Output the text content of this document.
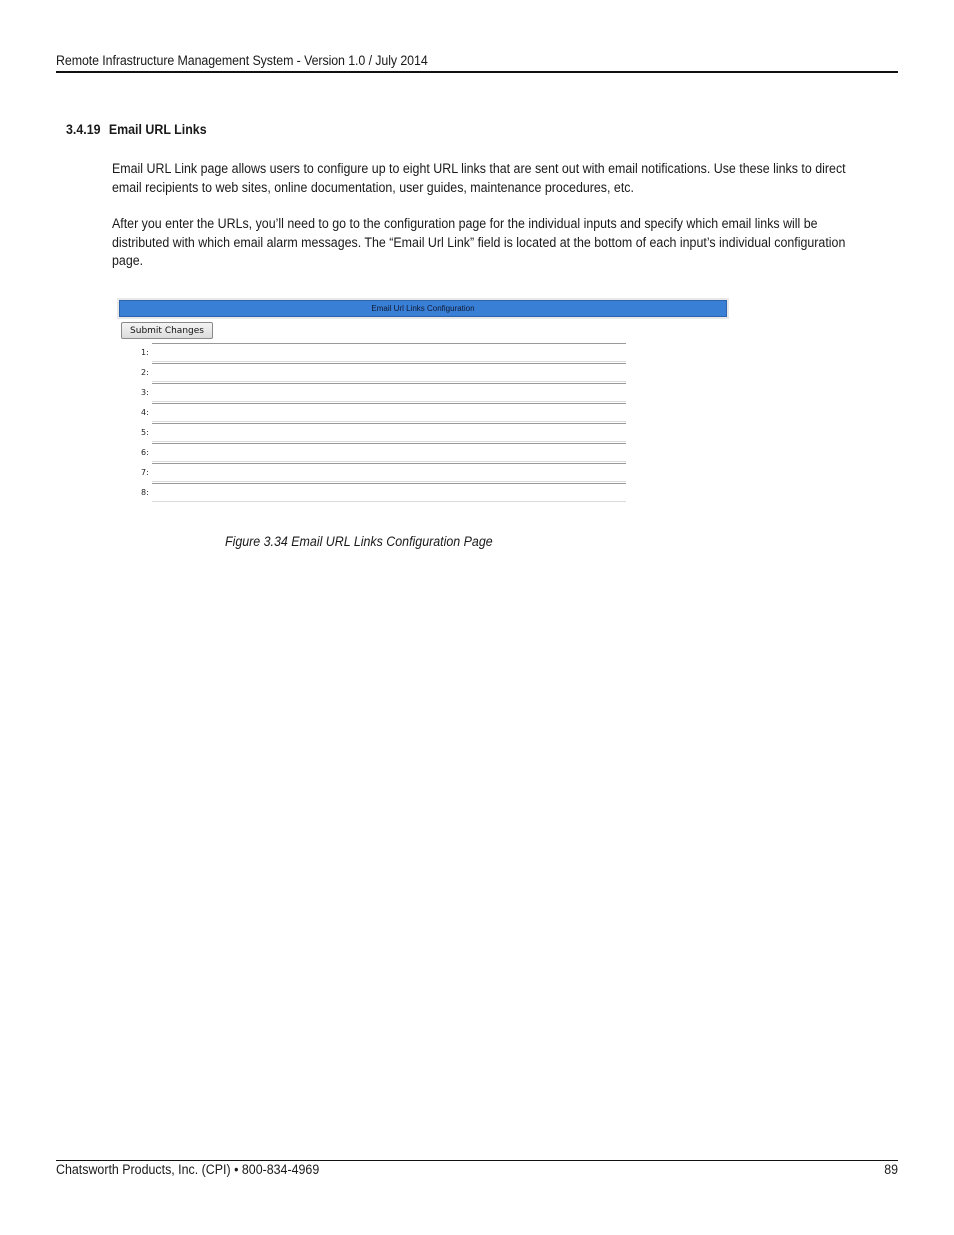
Remote Infrastructure Management System - Version 1.0 / July 2014
3.4.19 Email URL Links
Email URL Link page allows users to configure up to eight URL links that are sent out with email notifications. Use these links to direct email recipients to web sites, online documentation, user guides, maintenance procedures, etc.
After you enter the URLs, you’ll need to go to the configuration page for the individual inputs and specify which email links will be distributed with which email alarm messages. The “Email Url Link” field is located at the bottom of each input’s individual configuration page.
Email Url Links Configuration
Submit Changes
1:
2:
3:
4:
5:
6:
7:
8:
Figure 3.34 Email URL Links Configuration Page
Chatsworth Products, Inc. (CPI) • 800-834-4969	89
